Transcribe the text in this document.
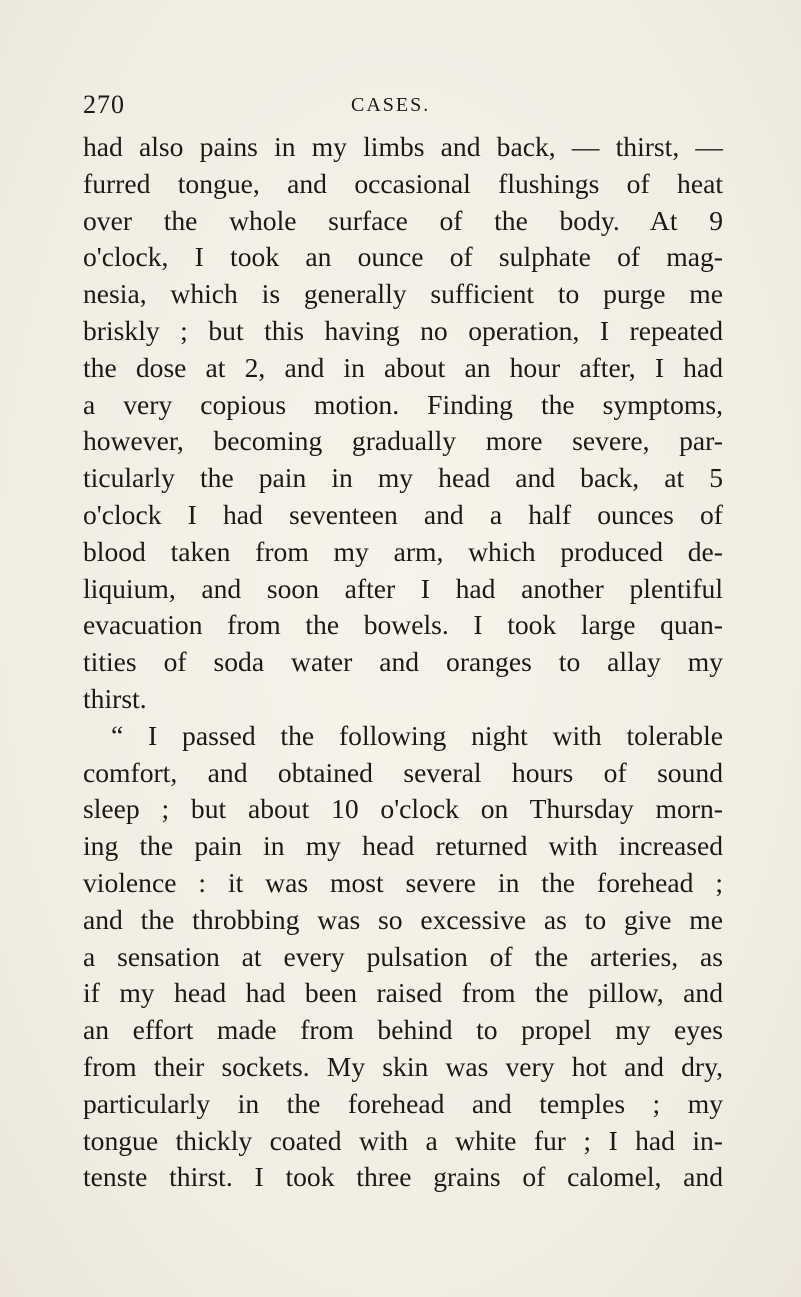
270	CASES.
had also pains in my limbs and back, — thirst, —
furred tongue, and occasional flushings of heat
over the whole surface of the body. At 9
o'clock, I took an ounce of sulphate of mag-
nesia, which is generally sufficient to purge me
briskly ; but this having no operation, I repeated
the dose at 2, and in about an hour after, I had
a very copious motion. Finding the symptoms,
however, becoming gradually more severe, par-
ticularly the pain in my head and back, at 5
o'clock I had seventeen and a half ounces of
blood taken from my arm, which produced de-
liquium, and soon after I had another plentiful
evacuation from the bowels. I took large quan-
tities of soda water and oranges to allay my
thirst.
“ I passed the following night with tolerable
comfort, and obtained several hours of sound
sleep ; but about 10 o'clock on Thursday morn-
ing the pain in my head returned with increased
violence : it was most severe in the forehead ;
and the throbbing was so excessive as to give me
a sensation at every pulsation of the arteries, as
if my head had been raised from the pillow, and
an effort made from behind to propel my eyes
from their sockets. My skin was very hot and dry,
particularly in the forehead and temples ; my
tongue thickly coated with a white fur ; I had in-
tenste thirst. I took three grains of calomel, and
